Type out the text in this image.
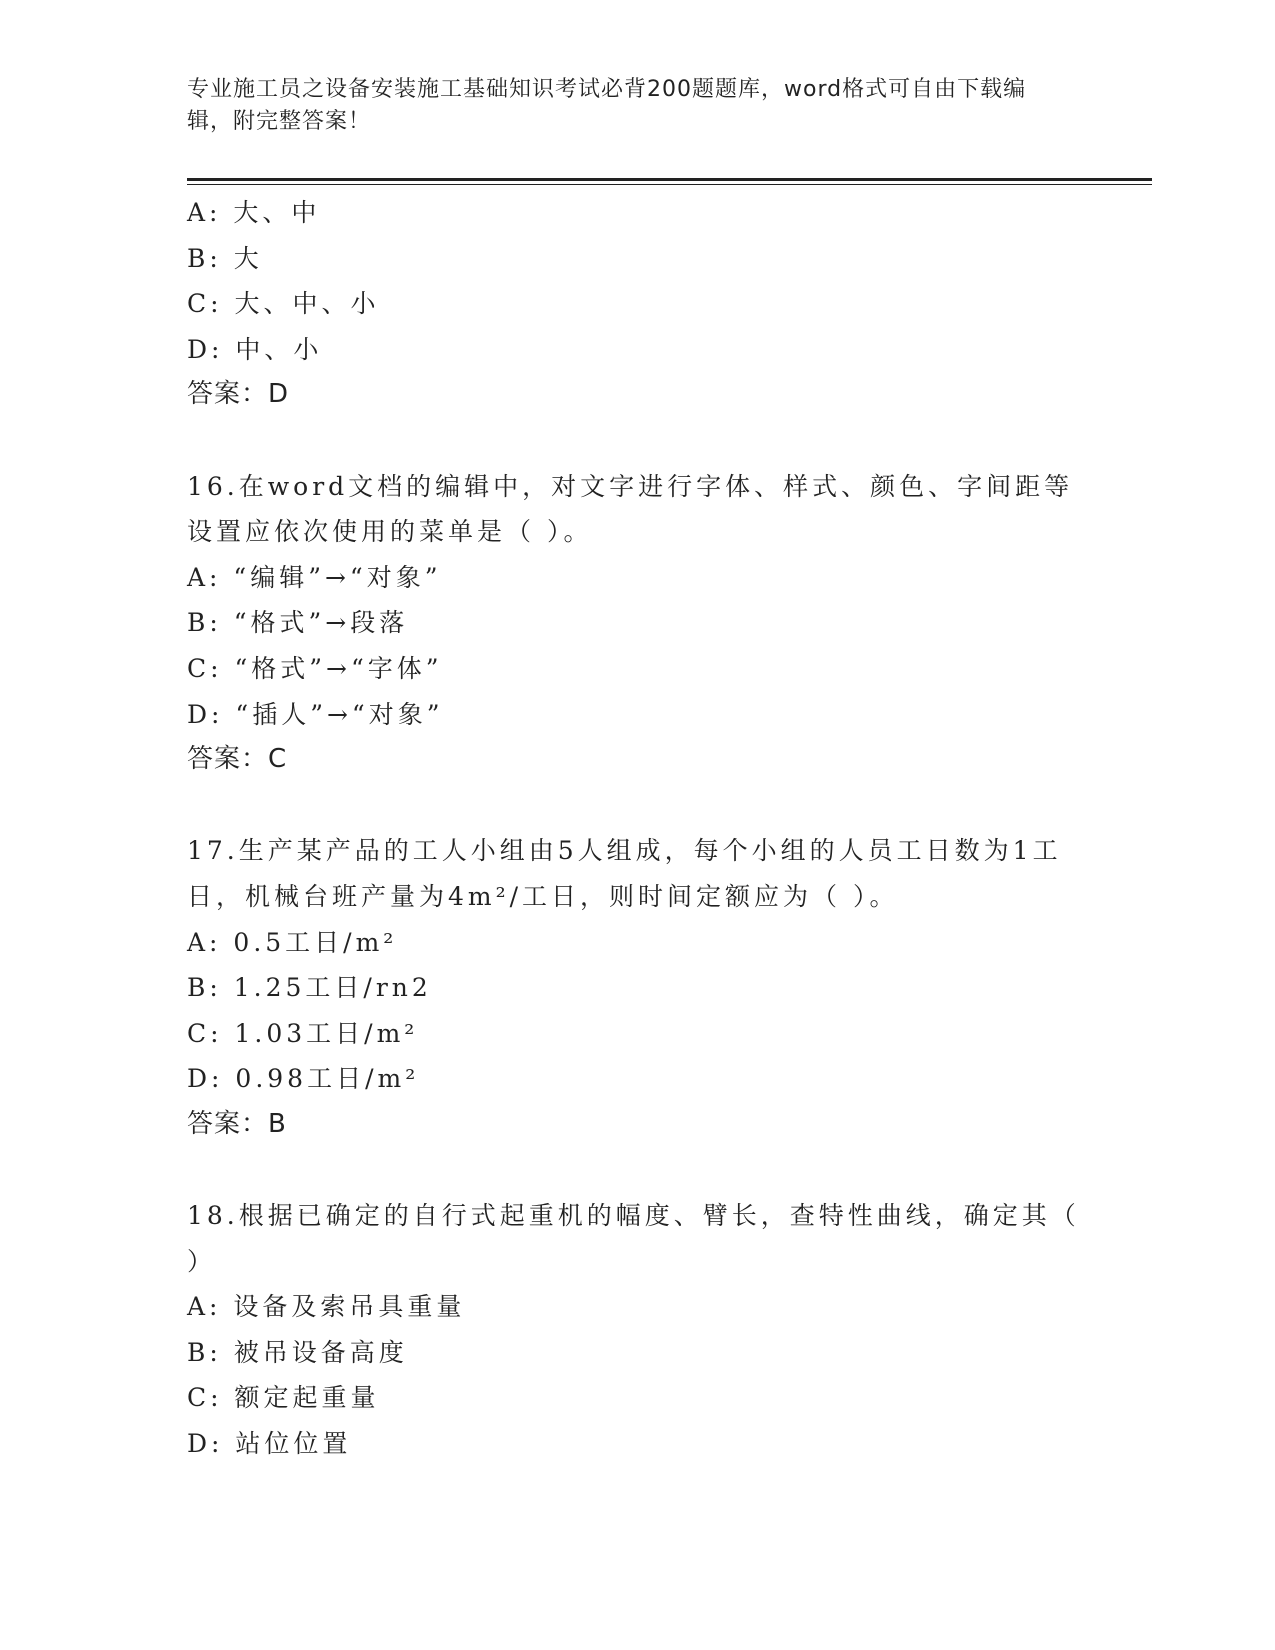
专业施工员之设备安装施工基础知识考试必背200题题库，word格式可自由下载编辑，附完整答案！
A: 大、中
B: 大
C: 大、中、小
D: 中、小
答案：D
16.在word文档的编辑中，对文字进行字体、样式、颜色、字间距等
设置应依次使用的菜单是（ ）。
A: “编辑”→“对象”
B: “格式”→段落
C: “格式”→“字体”
D: “插人”→“对象”
答案：C
17.生产某产品的工人小组由5人组成，每个小组的人员工日数为1工
日，机械台班产量为4m²/工日，则时间定额应为（ ）。
A: 0.5工日/m²
B: 1.25工日/rn2
C: 1.03工日/m²
D: 0.98工日/m²
答案：B
18.根据已确定的自行式起重机的幅度、臂长，查特性曲线，确定其（
）
A: 设备及索吊具重量
B: 被吊设备高度
C: 额定起重量
D: 站位位置
